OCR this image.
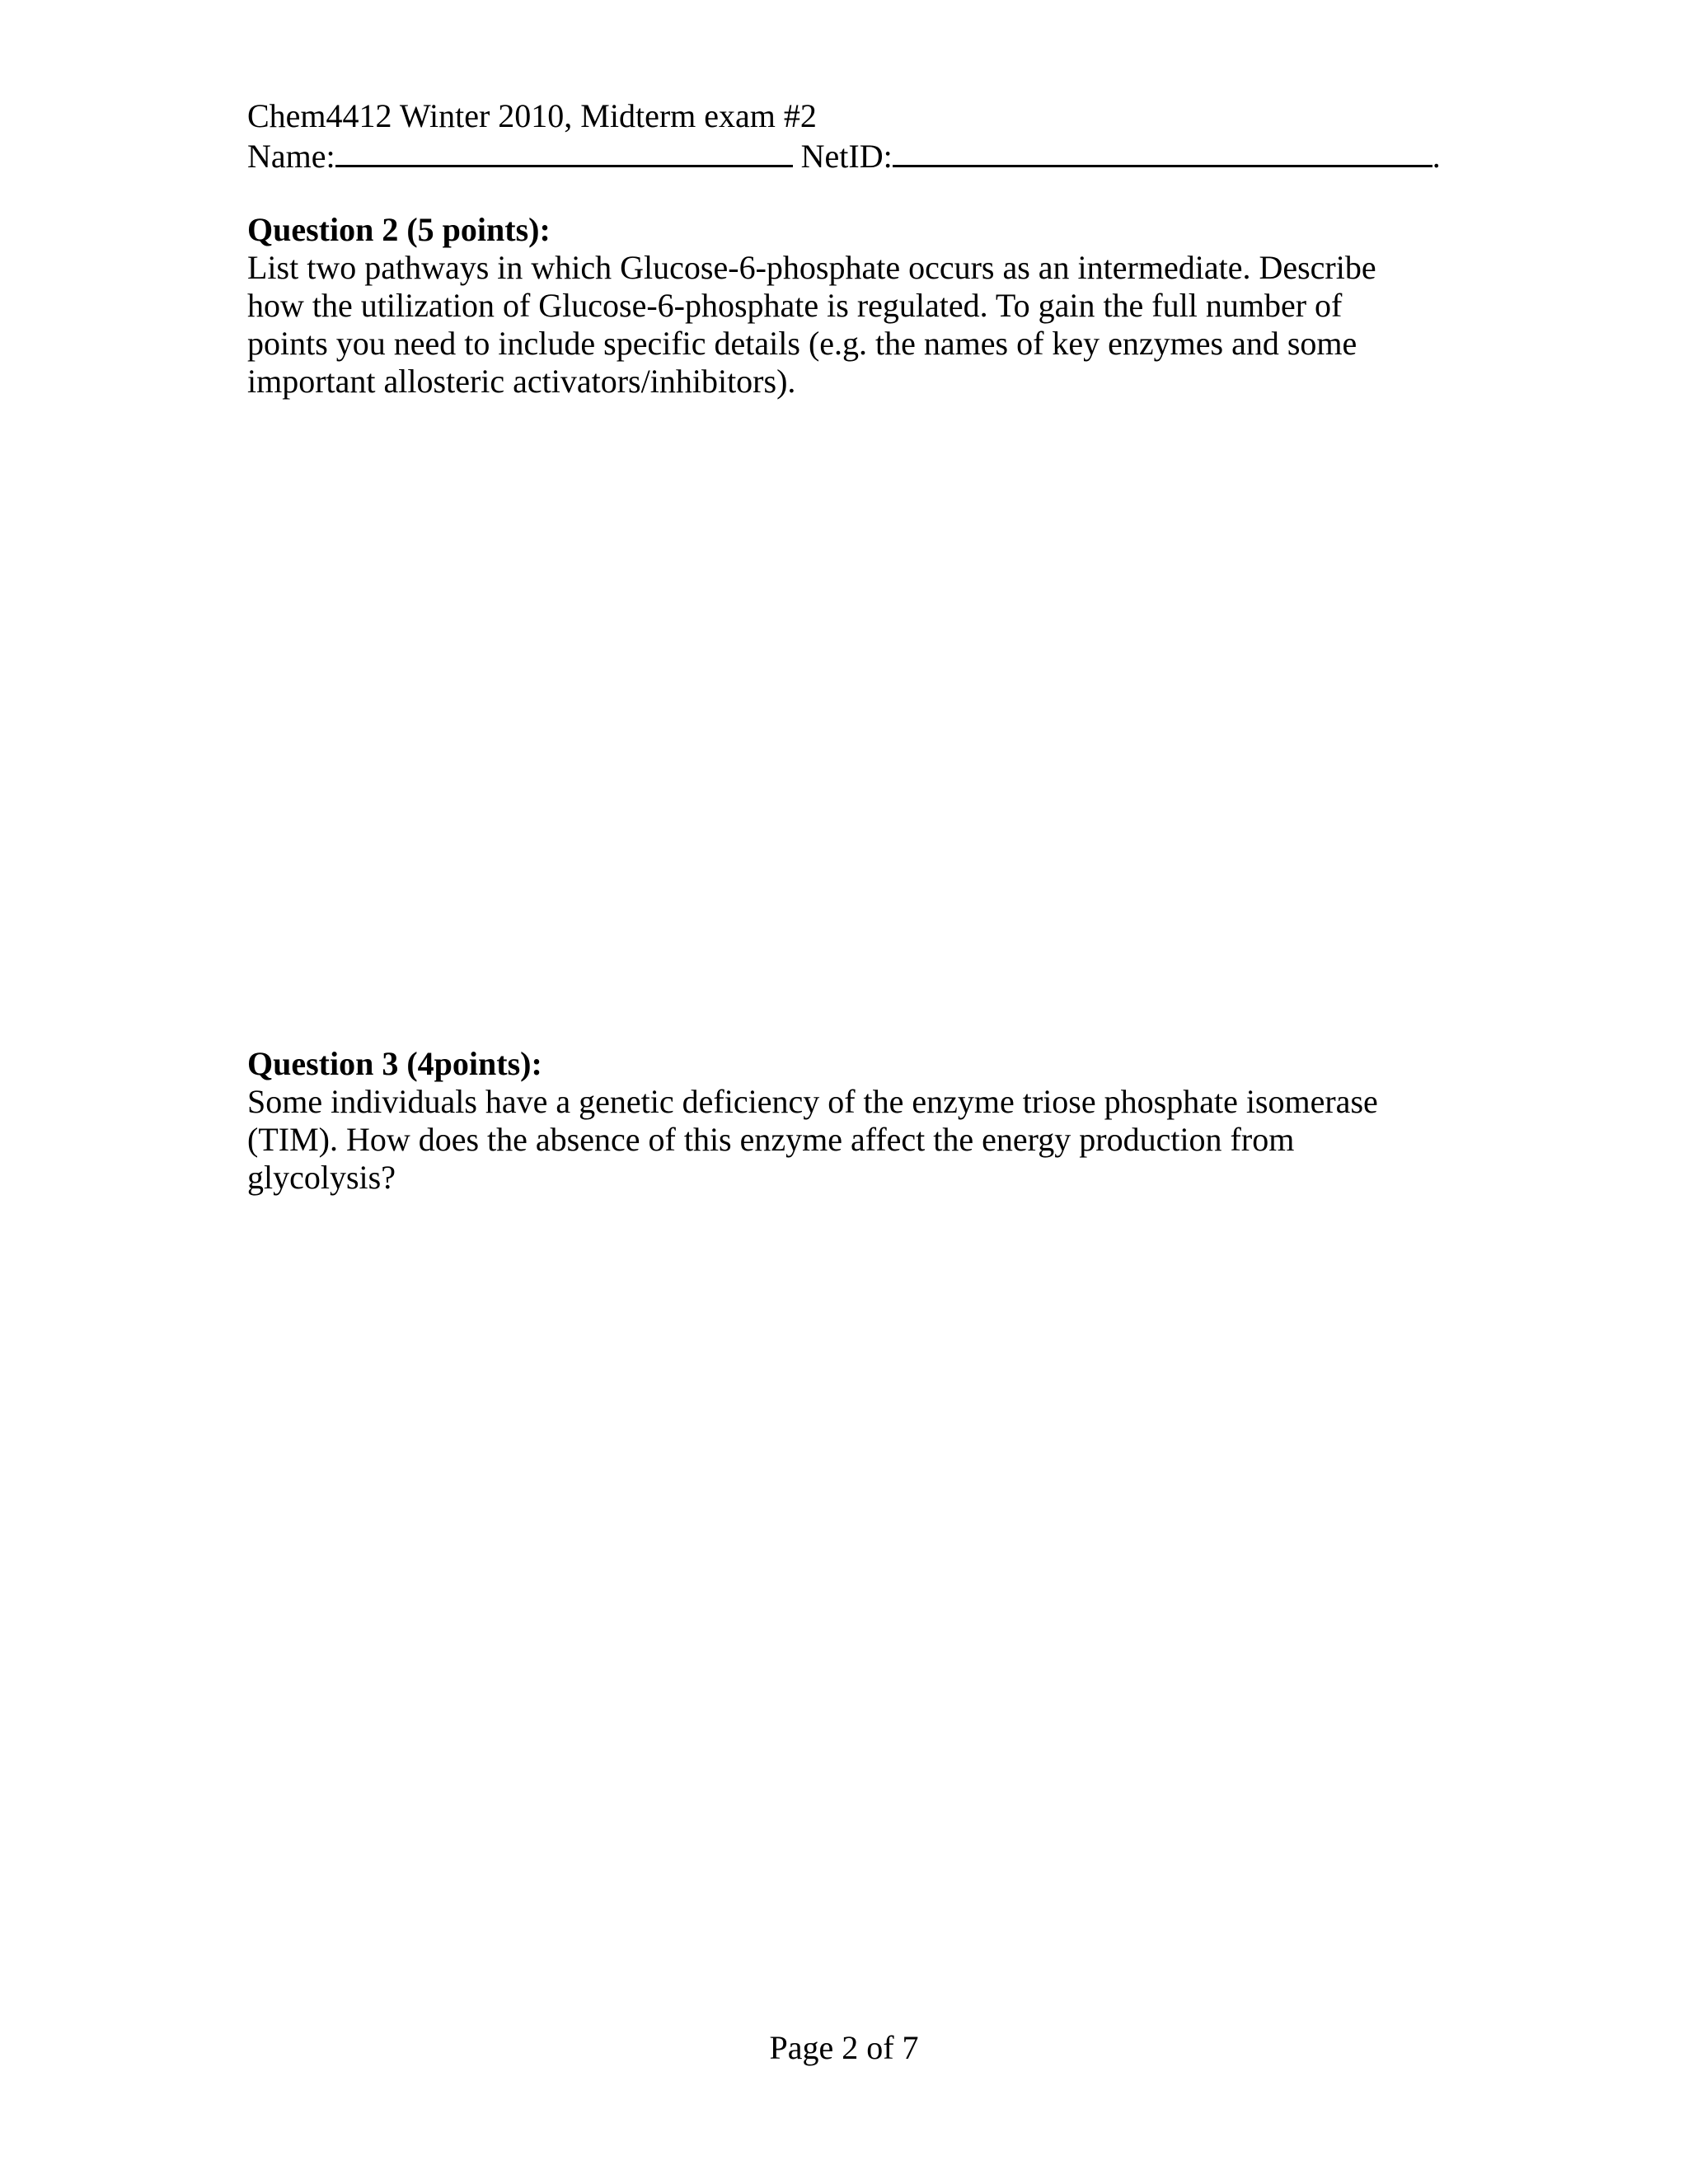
Chem4412 Winter 2010, Midterm exam #2
Name:	NetID:	.
Question 2 (5 points):
List two pathways in which Glucose-6-phosphate occurs as an intermediate. Describe
how the utilization of Glucose-6-phosphate is regulated. To gain the full number of
points you need to include specific details (e.g. the names of key enzymes and some
important allosteric activators/inhibitors).
Question 3 (4points):
Some individuals have a genetic deficiency of the enzyme triose phosphate isomerase
(TIM). How does the absence of this enzyme affect the energy production from
glycolysis?
Page 2 of 7
